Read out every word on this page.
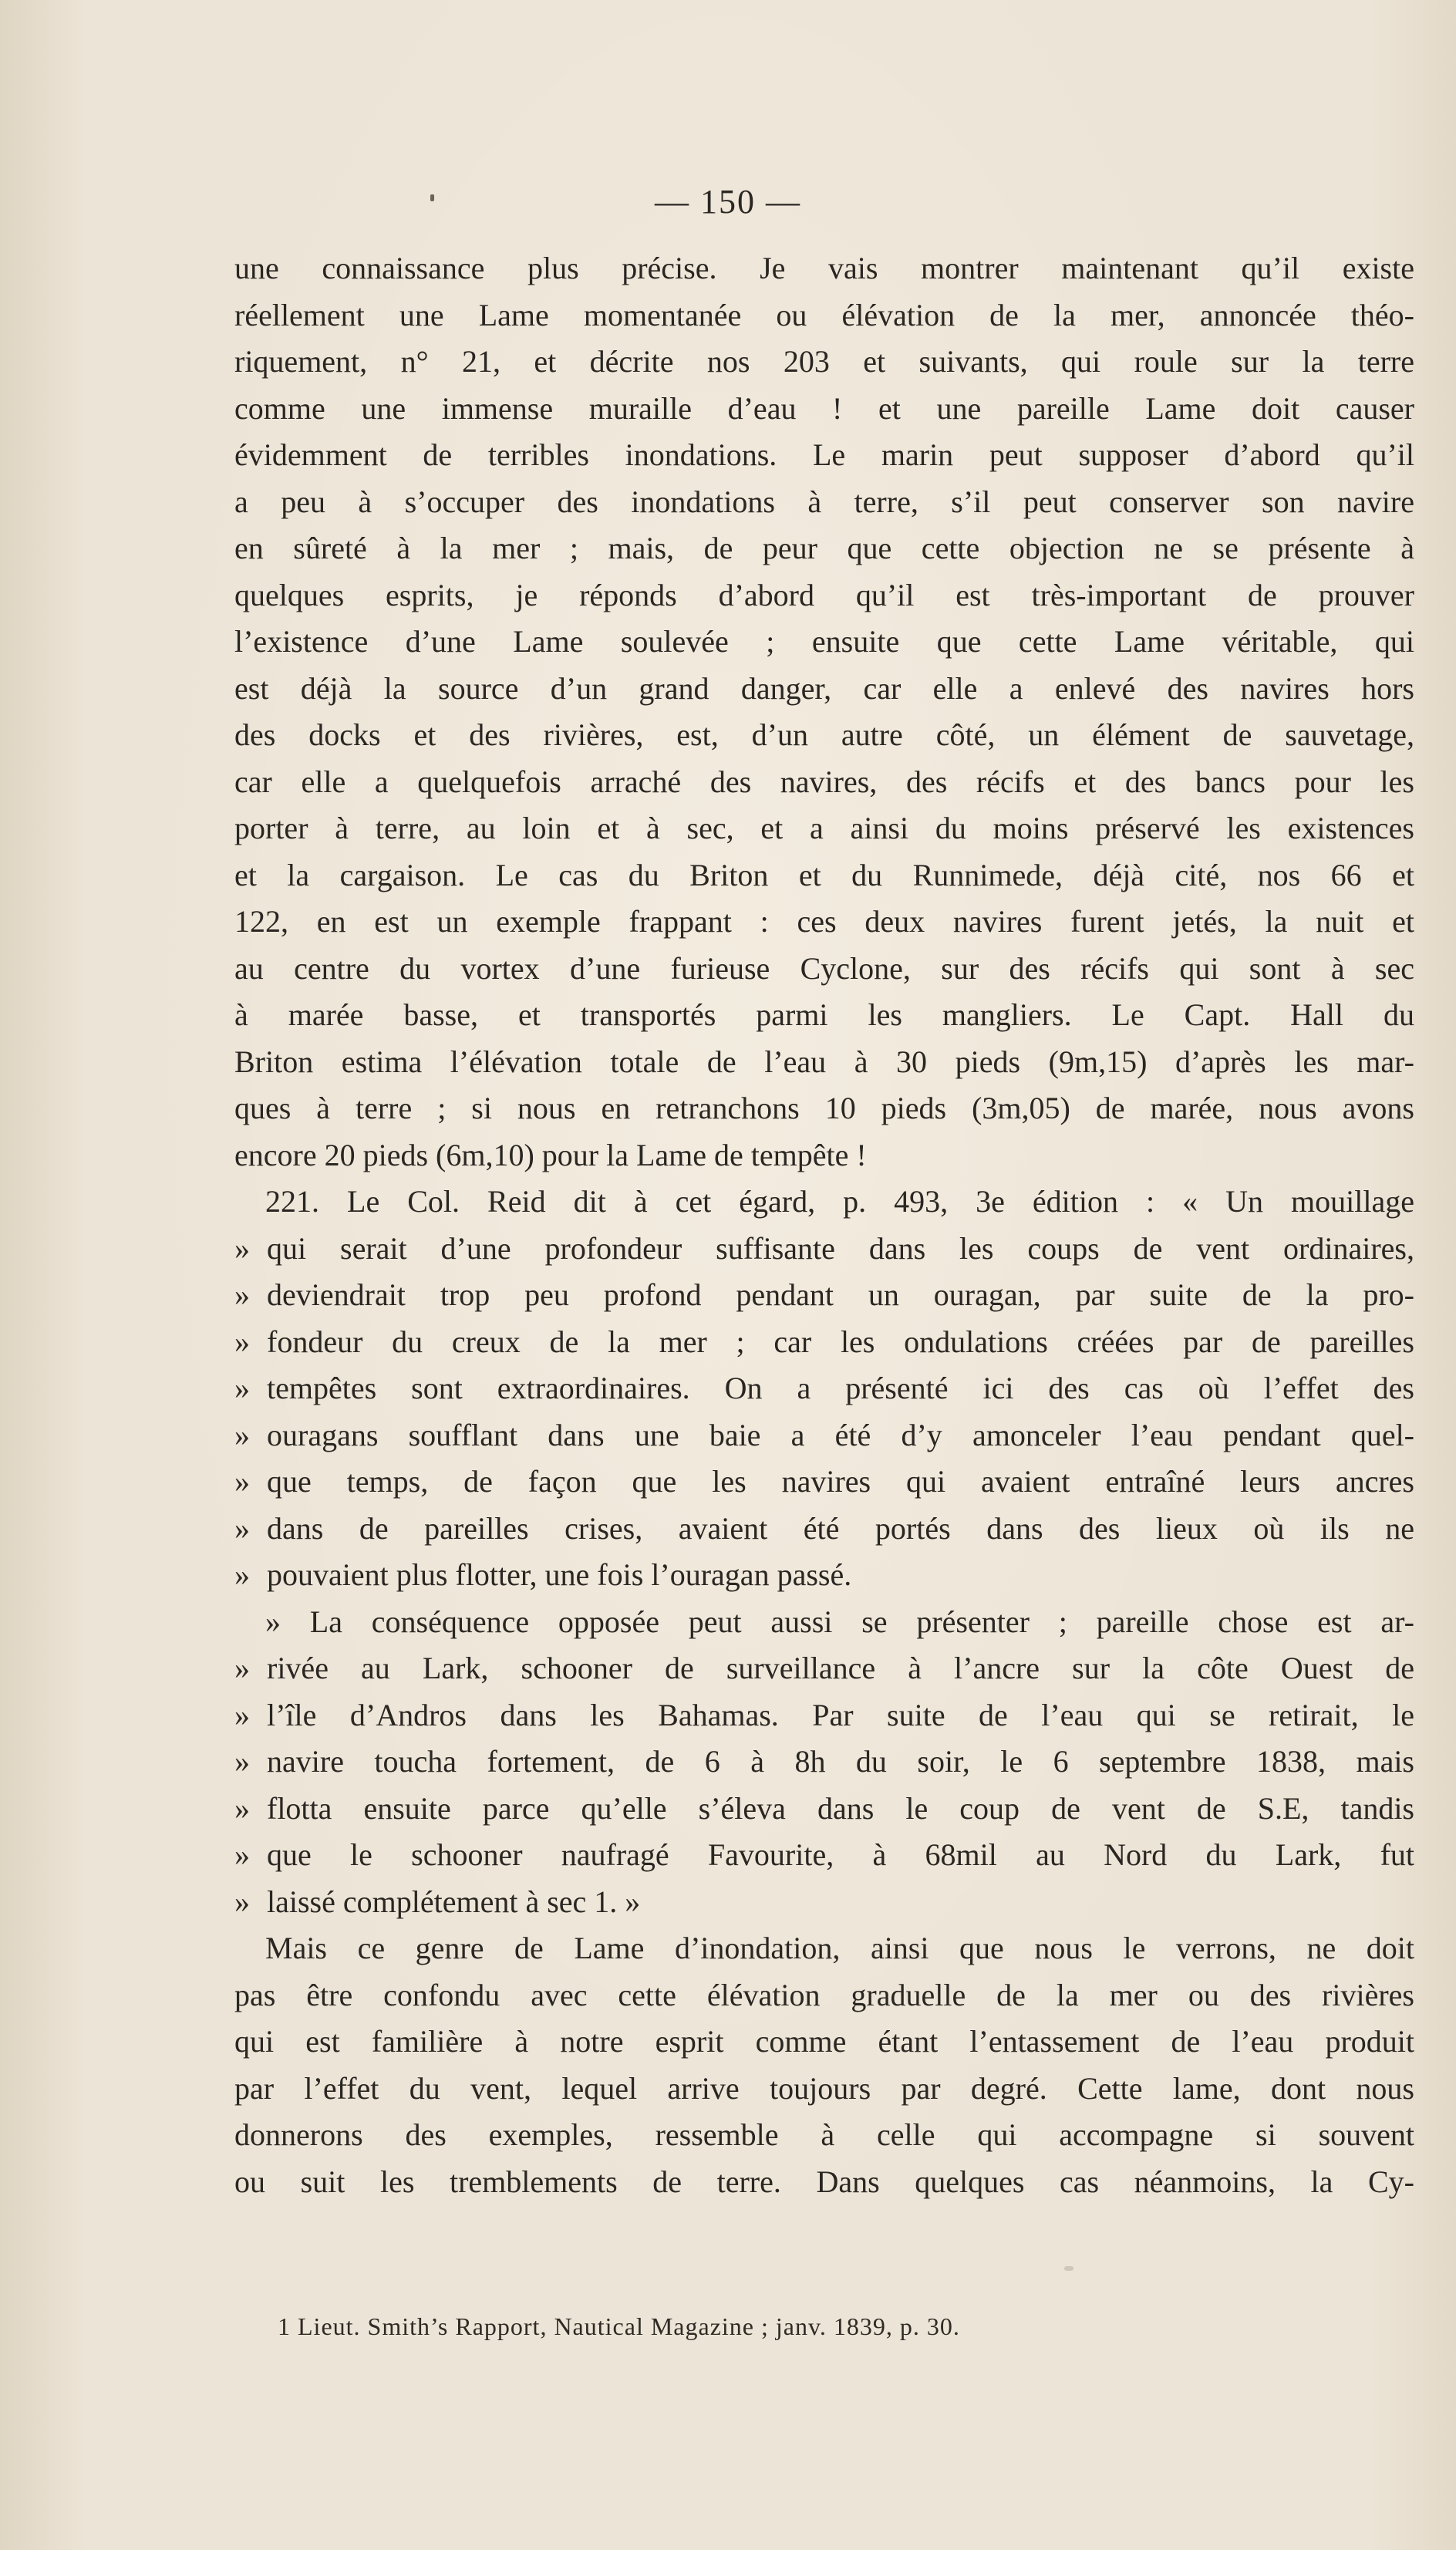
— 150 —
une connaissance plus précise. Je vais montrer maintenant qu’il existe
réellement une Lame momentanée ou élévation de la mer, annoncée théo-
riquement, n° 21, et décrite nos 203 et suivants, qui roule sur la terre
comme une immense muraille d’eau ! et une pareille Lame doit causer
évidemment de terribles inondations. Le marin peut supposer d’abord qu’il
a peu à s’occuper des inondations à terre, s’il peut conserver son navire
en sûreté à la mer ; mais, de peur que cette objection ne se présente à
quelques esprits, je réponds d’abord qu’il est très-important de prouver
l’existence d’une Lame soulevée ; ensuite que cette Lame véritable, qui
est déjà la source d’un grand danger, car elle a enlevé des navires hors
des docks et des rivières, est, d’un autre côté, un élément de sauvetage,
car elle a quelquefois arraché des navires, des récifs et des bancs pour les
porter à terre, au loin et à sec, et a ainsi du moins préservé les existences
et la cargaison. Le cas du Briton et du Runnimede, déjà cité, nos 66 et
122, en est un exemple frappant : ces deux navires furent jetés, la nuit et
au centre du vortex d’une furieuse Cyclone, sur des récifs qui sont à sec
à marée basse, et transportés parmi les mangliers. Le Capt. Hall du
Briton estima l’élévation totale de l’eau à 30 pieds (9m,15) d’après les mar-
ques à terre ; si nous en retranchons 10 pieds (3m,05) de marée, nous avons
encore 20 pieds (6m,10) pour la Lame de tempête !
221. Le Col. Reid dit à cet égard, p. 493, 3e édition : « Un mouillage
» qui serait d’une profondeur suffisante dans les coups de vent ordinaires,
» deviendrait trop peu profond pendant un ouragan, par suite de la pro-
» fondeur du creux de la mer ; car les ondulations créées par de pareilles
» tempêtes sont extraordinaires. On a présenté ici des cas où l’effet des
» ouragans soufflant dans une baie a été d’y amonceler l’eau pendant quel-
» que temps, de façon que les navires qui avaient entraîné leurs ancres
» dans de pareilles crises, avaient été portés dans des lieux où ils ne
» pouvaient plus flotter, une fois l’ouragan passé.
» La conséquence opposée peut aussi se présenter ; pareille chose est ar-
» rivée au Lark, schooner de surveillance à l’ancre sur la côte Ouest de
» l’île d’Andros dans les Bahamas. Par suite de l’eau qui se retirait, le
» navire toucha fortement, de 6 à 8h du soir, le 6 septembre 1838, mais
» flotta ensuite parce qu’elle s’éleva dans le coup de vent de S.E, tandis
» que le schooner naufragé Favourite, à 68mil au Nord du Lark, fut
» laissé complétement à sec 1. »
Mais ce genre de Lame d’inondation, ainsi que nous le verrons, ne doit
pas être confondu avec cette élévation graduelle de la mer ou des rivières
qui est familière à notre esprit comme étant l’entassement de l’eau produit
par l’effet du vent, lequel arrive toujours par degré. Cette lame, dont nous
donnerons des exemples, ressemble à celle qui accompagne si souvent
ou suit les tremblements de terre. Dans quelques cas néanmoins, la Cy-
1 Lieut. Smith’s Rapport, Nautical Magazine ; janv. 1839, p. 30.
